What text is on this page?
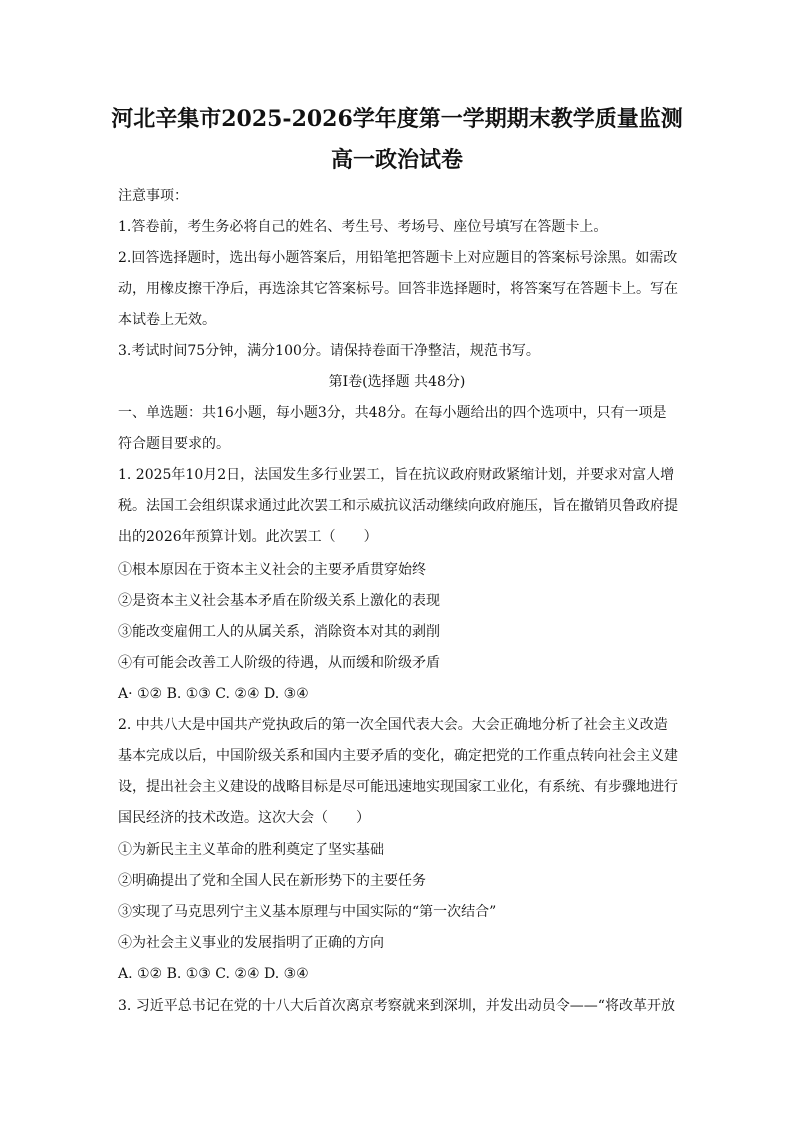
河北辛集市2025-2026学年度第一学期期末教学质量监测
高一政治试卷

注意事项：

1.答卷前，考生务必将自己的姓名、考生号、考场号、座位号填写在答题卡上。

2.回答选择题时，选出每小题答案后，用铅笔把答题卡上对应题目的答案标号涂黑。如需改

动，用橡皮擦干净后，再选涂其它答案标号。回答非选择题时，将答案写在答题卡上。写在

本试卷上无效。

3.考试时间75分钟，满分100分。请保持卷面干净整洁，规范书写。

第Ⅰ卷(选择题 共48分)

一、单选题：共16小题，每小题3分，共48分。在每小题给出的四个选项中，只有一项是

符合题目要求的。

1. 2025年10月2日，法国发生多行业罢工，旨在抗议政府财政紧缩计划，并要求对富人增

税。法国工会组织谋求通过此次罢工和示威抗议活动继续向政府施压，旨在撤销贝鲁政府提

出的2026年预算计划。此次罢工（　　）

①根本原因在于资本主义社会的主要矛盾贯穿始终

②是资本主义社会基本矛盾在阶级关系上激化的表现

③能改变雇佣工人的从属关系，消除资本对其的剥削

④有可能会改善工人阶级的待遇，从而缓和阶级矛盾

A· ①② B. ①③ C. ②④ D. ③④

2. 中共八大是中国共产党执政后的第一次全国代表大会。大会正确地分析了社会主义改造

基本完成以后，中国阶级关系和国内主要矛盾的变化，确定把党的工作重点转向社会主义建

设，提出社会主义建设的战略目标是尽可能迅速地实现国家工业化，有系统、有步骤地进行

国民经济的技术改造。这次大会（　　）

①为新民主主义革命的胜利奠定了坚实基础

②明确提出了党和全国人民在新形势下的主要任务

③实现了马克思列宁主义基本原理与中国实际的“第一次结合”

④为社会主义事业的发展指明了正确的方向

A. ①② B. ①③ C. ②④ D. ③④

3. 习近平总书记在党的十八大后首次离京考察就来到深圳，并发出动员令——“将改革开放
